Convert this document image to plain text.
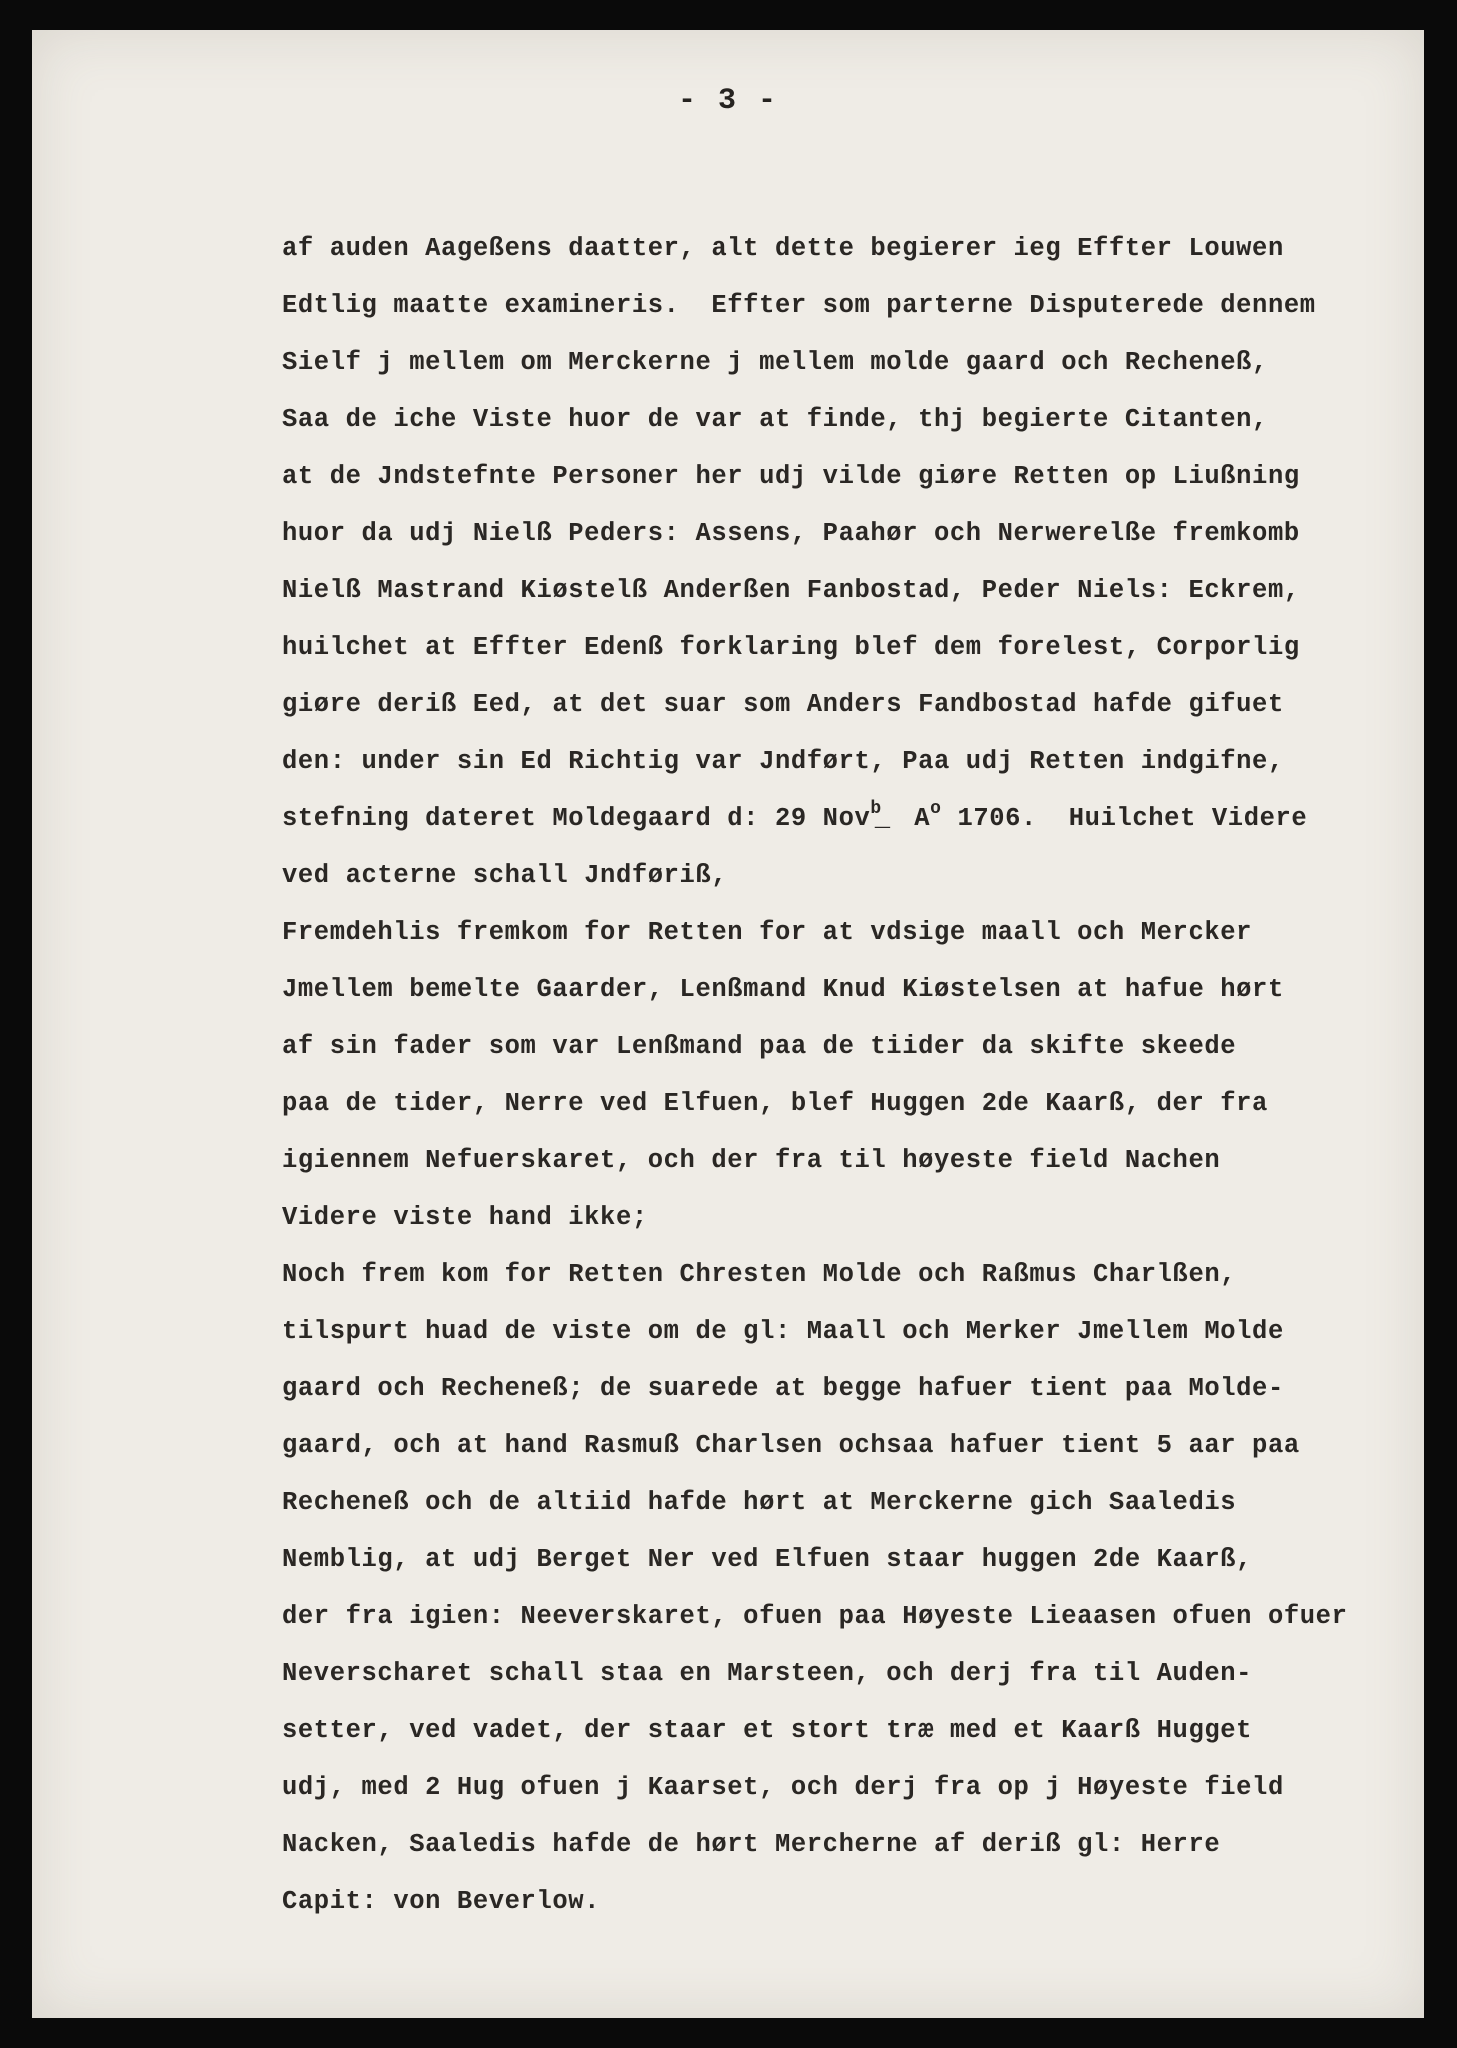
- 3 -
af auden Aageßens daatter, alt dette begierer ieg Effter Louwen
Edtlig maatte examineris.  Effter som parterne Disputerede dennem
Sielf j mellem om Merckerne j mellem molde gaard och Recheneß,
Saa de iche Viste huor de var at finde, thj begierte Citanten,
at de Jndstefnte Personer her udj vilde giøre Retten op Liußning
huor da udj Nielß Peders: Assens, Paahør och Nerwerelße fremkomb
Nielß Mastrand Kiøstelß Anderßen Fanbostad, Peder Niels: Eckrem,
huilchet at Effter Edenß forklaring blef dem forelest, Corporlig
giøre deriß Eed, at det suar som Anders Fandbostad hafde gifuet
den: under sin Ed Richtig var Jndført, Paa udj Retten indgifne,
stefning dateret Moldegaard d: 29 Nov$^b$̲  $A^o$ 1706. Huilchet Videre
ved acterne schall Jndføriß,
Fremdehlis fremkom for Retten for at vdsige maall och Mercker
Jmellem bemelte Gaarder, Lenßmand Knud Kiøstelsen at hafue hørt
af sin fader som var Lenßmand paa de tiider da skifte skeede
paa de tider, Nerre ved Elfuen, blef Huggen 2de Kaarß, der fra
igiennem Nefuerskaret, och der fra til høyeste field Nachen
Videre viste hand ikke;
Noch frem kom for Retten Chresten Molde och Raßmus Charlßen,
tilspurt huad de viste om de gl: Maall och Merker Jmellem Molde
gaard och Recheneß; de suarede at begge hafuer tient paa Molde-
gaard, och at hand Rasmuß Charlsen ochsaa hafuer tient 5 aar paa
Recheneß och de altiid hafde hørt at Merckerne gich Saaledis
Nemblig, at udj Berget Ner ved Elfuen staar huggen 2de Kaarß,
der fra igien: Neeverskaret, ofuen paa Høyeste Lieaasen ofuen ofuer
Neverscharet schall staa en Marsteen, och derj fra til Auden-
setter, ved vadet, der staar et stort træ med et Kaarß Hugget
udj, med 2 Hug ofuen j Kaarset, och derj fra op j Høyeste field
Nacken, Saaledis hafde de hørt Mercherne af deriß gl: Herre
Capit: von Beverlow.
